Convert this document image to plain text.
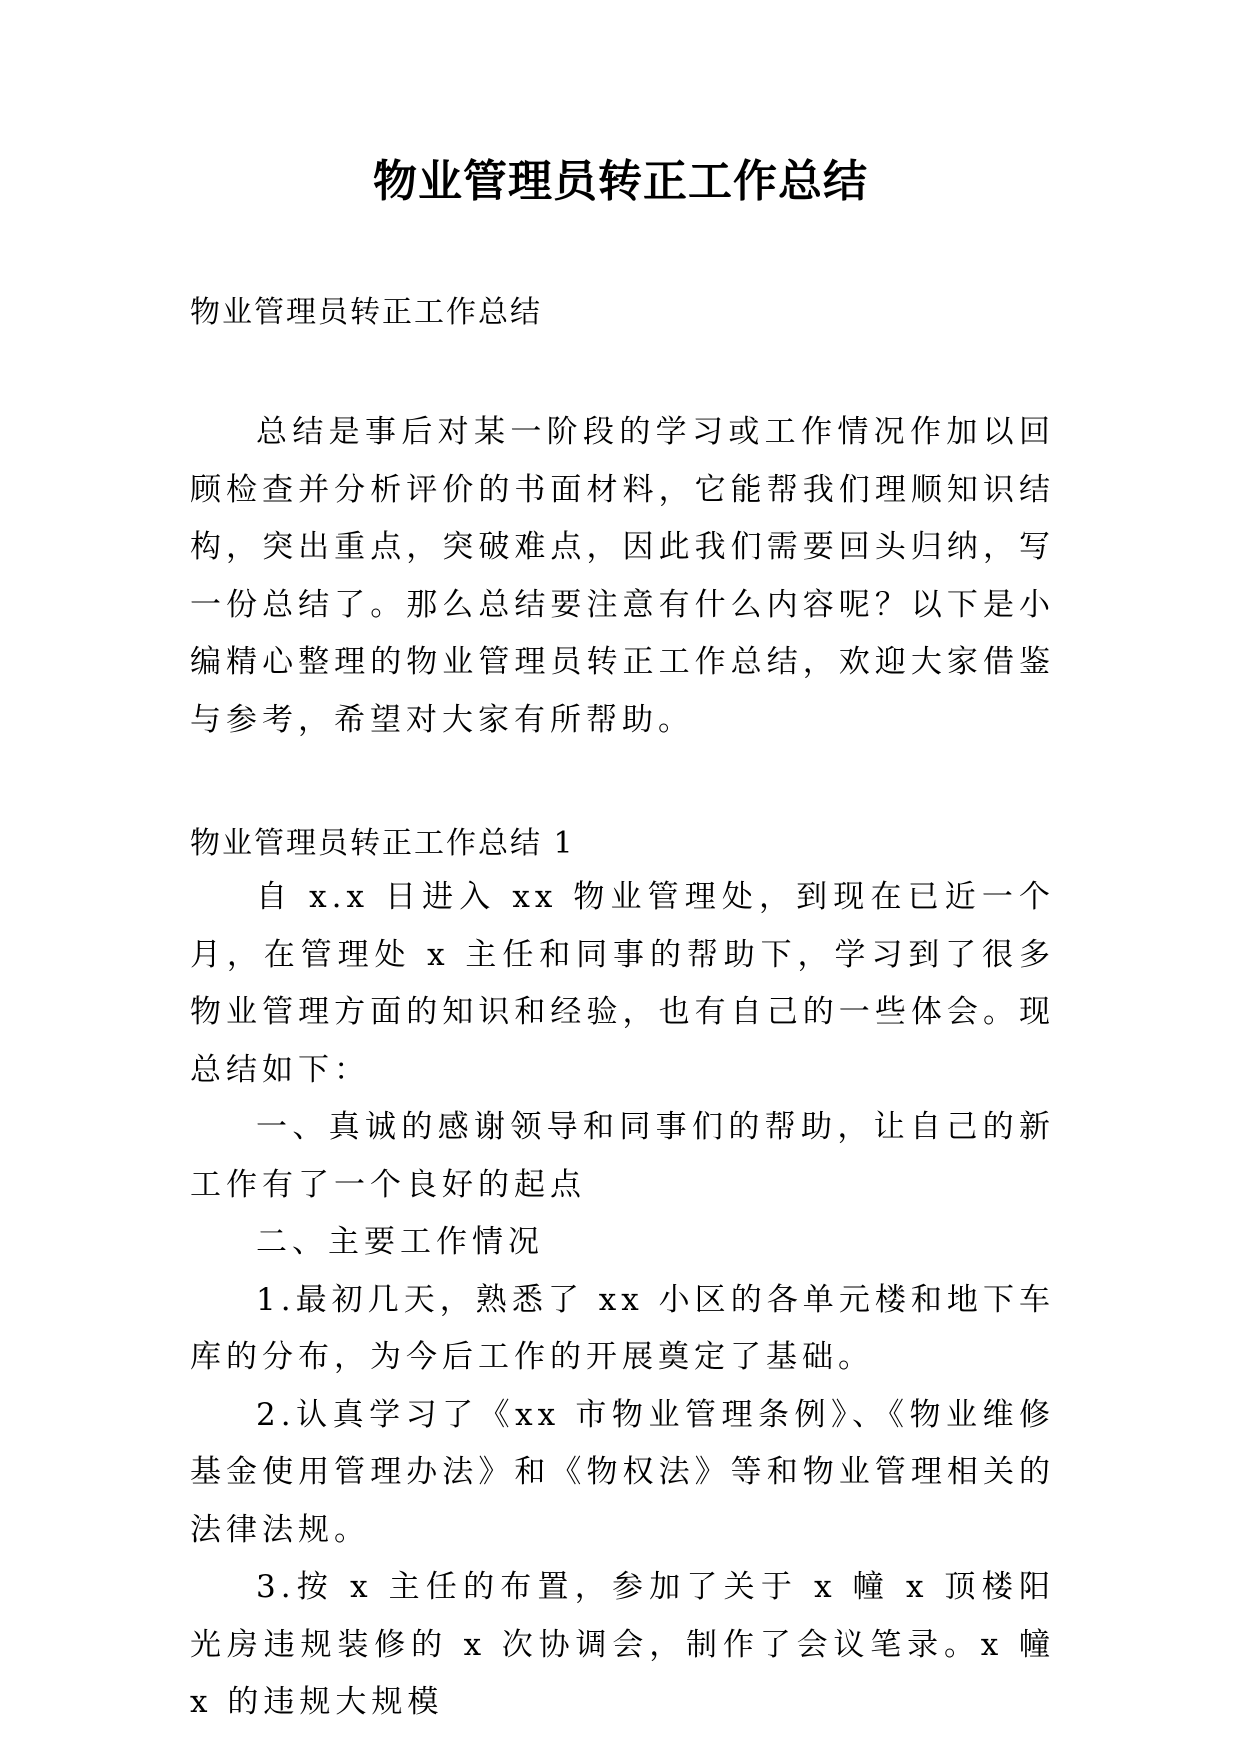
物业管理员转正工作总结

物业管理员转正工作总结

总结是事后对某一阶段的学习或工作情况作加以回顾检查并分析评价的书面材料，它能帮我们理顺知识结构，突出重点，突破难点，因此我们需要回头归纳，写一份总结了。那么总结要注意有什么内容呢？以下是小编精心整理的物业管理员转正工作总结，欢迎大家借鉴与参考，希望对大家有所帮助。

物业管理员转正工作总结 1

自 x.x 日进入 xx 物业管理处，到现在已近一个月，在管理处 x 主任和同事的帮助下，学习到了很多物业管理方面的知识和经验，也有自己的一些体会。现总结如下：

一、真诚的感谢领导和同事们的帮助，让自己的新工作有了一个良好的起点

二、主要工作情况

1.最初几天，熟悉了 xx 小区的各单元楼和地下车库的分布，为今后工作的开展奠定了基础。

2.认真学习了《xx 市物业管理条例》、《物业维修基金使用管理办法》和《物权法》等和物业管理相关的法律法规。

3.按 x 主任的布置，参加了关于 x 幢 x 顶楼阳光房违规装修的 x 次协调会，制作了会议笔录。x 幢 x 的违规大规模
